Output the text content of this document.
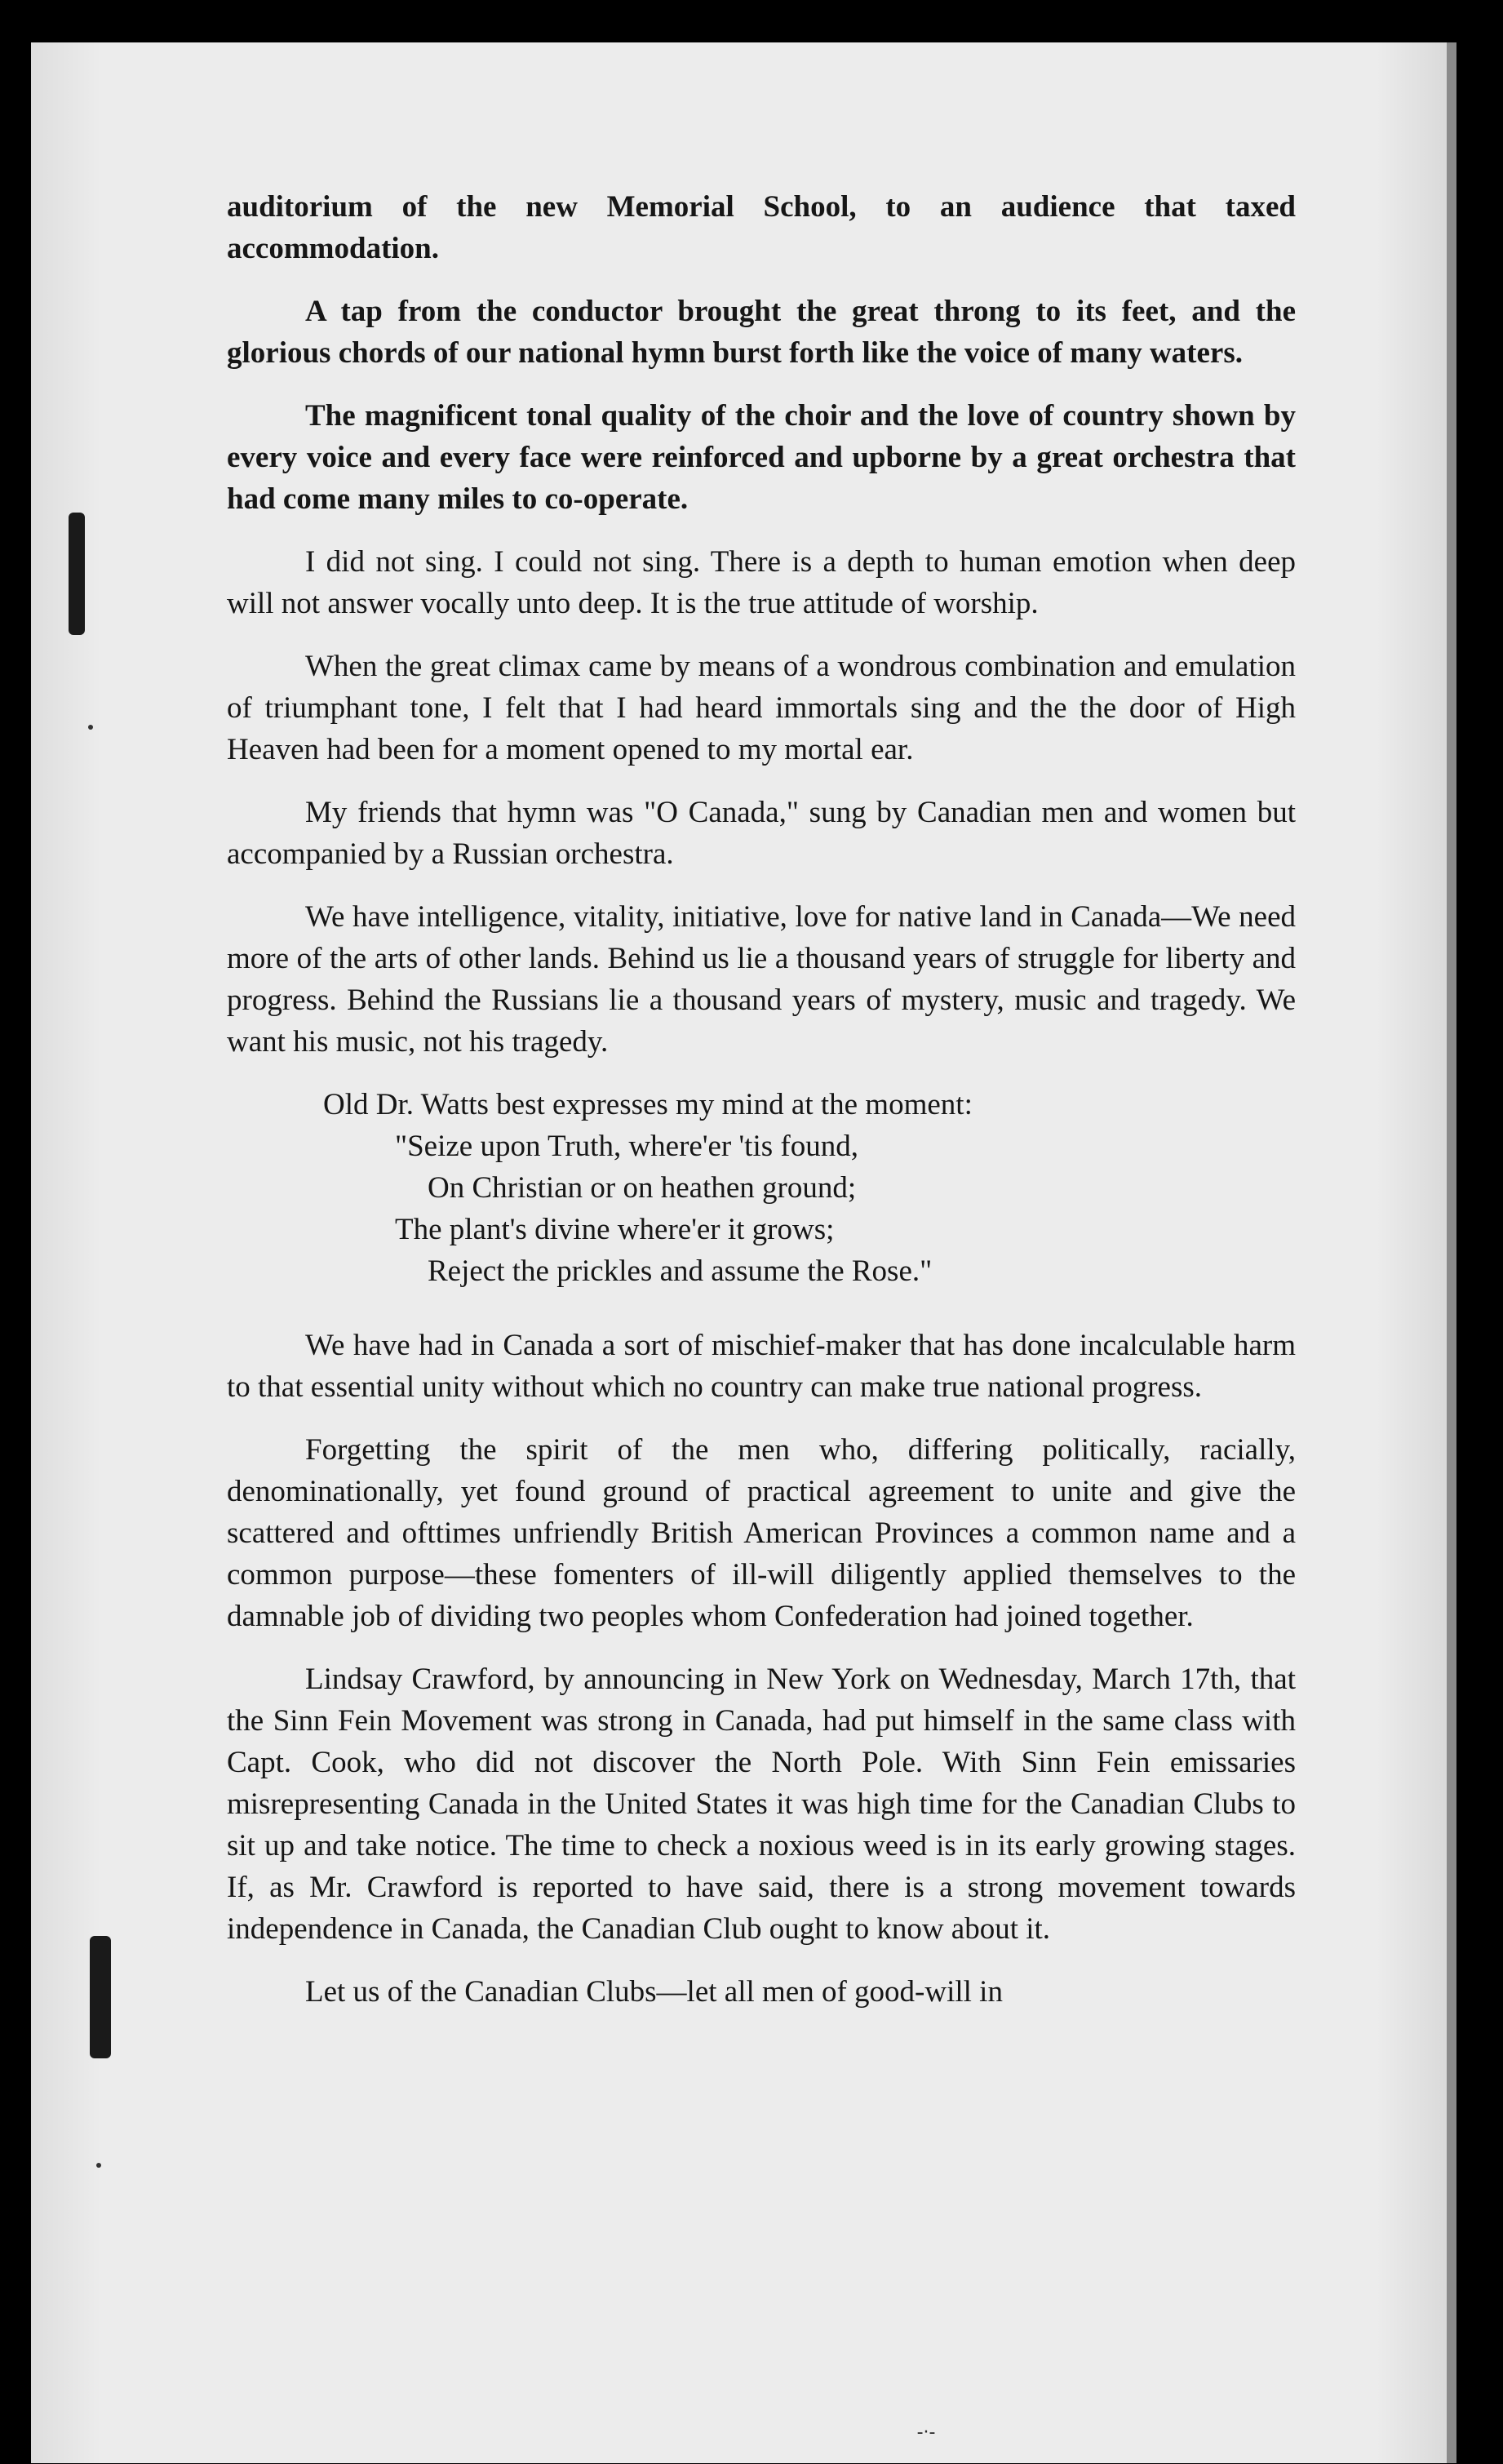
auditorium of the new Memorial School, to an audience that taxed accommodation.

A tap from the conductor brought the great throng to its feet, and the glorious chords of our national hymn burst forth like the voice of many waters.

The magnificent tonal quality of the choir and the love of country shown by every voice and every face were reinforced and upborne by a great orchestra that had come many miles to co-operate.

I did not sing. I could not sing. There is a depth to human emotion when deep will not answer vocally unto deep. It is the true attitude of worship.

When the great climax came by means of a wondrous combination and emulation of triumphant tone, I felt that I had heard immortals sing and the the door of High Heaven had been for a moment opened to my mortal ear.

My friends that hymn was "O Canada," sung by Canadian men and women but accompanied by a Russian orchestra.

We have intelligence, vitality, initiative, love for native land in Canada—We need more of the arts of other lands. Behind us lie a thousand years of struggle for liberty and progress. Behind the Russians lie a thousand years of mystery, music and tragedy. We want his music, not his tragedy.

Old Dr. Watts best expresses my mind at the moment:
"Seize upon Truth, where'er 'tis found,
On Christian or on heathen ground;
The plant's divine where'er it grows;
Reject the prickles and assume the Rose."

We have had in Canada a sort of mischief-maker that has done incalculable harm to that essential unity without which no country can make true national progress.

Forgetting the spirit of the men who, differing politically, racially, denominationally, yet found ground of practical agreement to unite and give the scattered and ofttimes unfriendly British American Provinces a common name and a common purpose—these fomenters of ill-will diligently applied themselves to the damnable job of dividing two peoples whom Confederation had joined together.

Lindsay Crawford, by announcing in New York on Wednesday, March 17th, that the Sinn Fein Movement was strong in Canada, had put himself in the same class with Capt. Cook, who did not discover the North Pole. With Sinn Fein emissaries misrepresenting Canada in the United States it was high time for the Canadian Clubs to sit up and take notice. The time to check a noxious weed is in its early growing stages. If, as Mr. Crawford is reported to have said, there is a strong movement towards independence in Canada, the Canadian Club ought to know about it.

Let us of the Canadian Clubs—let all men of good-will in

-·-
